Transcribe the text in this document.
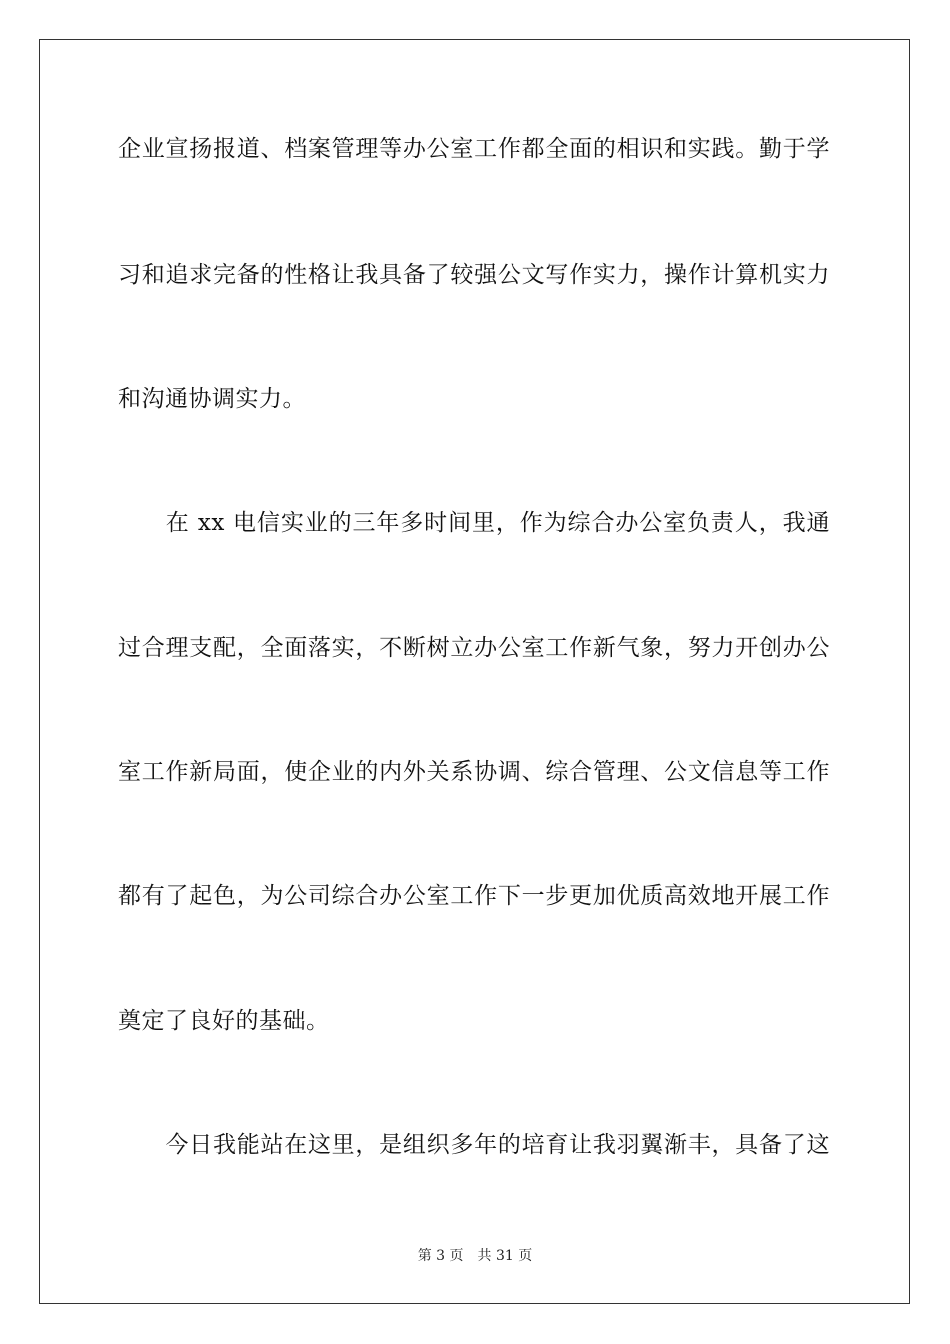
企业宣扬报道、档案管理等办公室工作都全面的相识和实践。勤于学
习和追求完备的性格让我具备了较强公文写作实力，操作计算机实力
和沟通协调实力。
　　在 xx 电信实业的三年多时间里，作为综合办公室负责人，我通
过合理支配，全面落实，不断树立办公室工作新气象，努力开创办公
室工作新局面，使企业的内外关系协调、综合管理、公文信息等工作
都有了起色，为公司综合办公室工作下一步更加优质高效地开展工作
奠定了良好的基础。
　　今日我能站在这里，是组织多年的培育让我羽翼渐丰，具备了这
第 3 页 共 31 页
